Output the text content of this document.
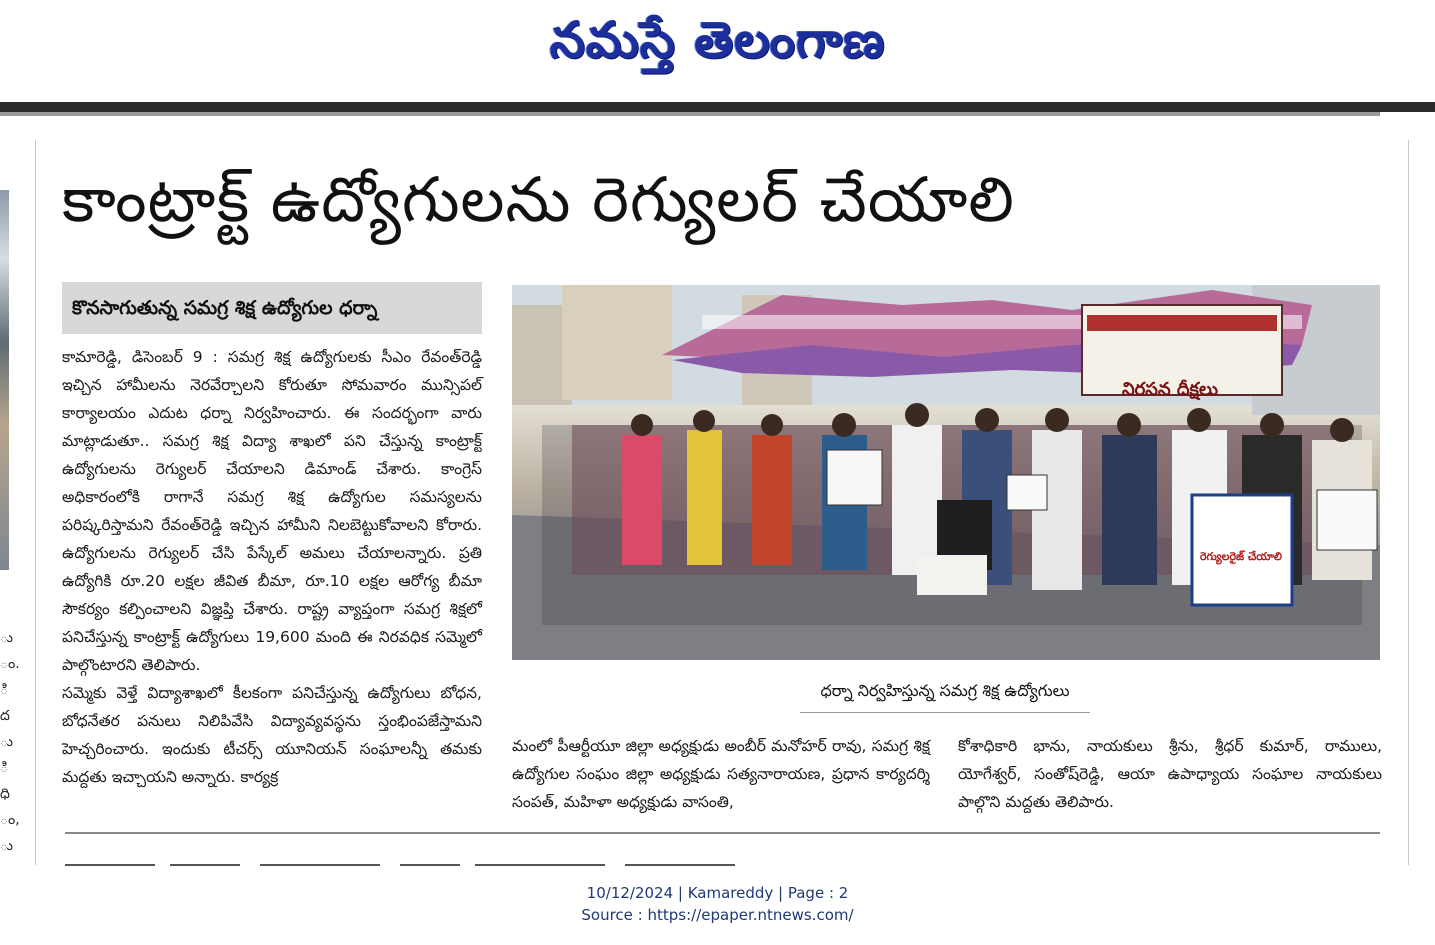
నమస్తే తెలంగాణ
ు
ం.
ి
ద
ు
ి
ధి
ం,
ు
కాంట్రాక్ట్ ఉద్యోగులను రెగ్యులర్ చేయాలి
కొనసాగుతున్న సమగ్ర శిక్ష ఉద్యోగుల ధర్నా

కామారెడ్డి, డిసెంబర్ 9 : సమగ్ర శిక్ష ఉద్యోగులకు సీఎం రేవంత్‌రెడ్డి ఇచ్చిన హామీలను నెరవేర్చాలని కోరుతూ సోమవారం మున్సిపల్ కార్యాలయం ఎదుట ధర్నా నిర్వహించారు. ఈ సందర్భంగా వారు మాట్లాడుతూ.. సమగ్ర శిక్ష విద్యా శాఖలో పని చేస్తున్న కాంట్రాక్ట్ ఉద్యోగులను రెగ్యులర్ చేయాలని డిమాండ్ చేశారు. కాంగ్రెస్ అధికారంలోకి రాగానే సమగ్ర శిక్ష ఉద్యోగుల సమస్యలను పరిష్కరిస్తామని రేవంత్‌రెడ్డి ఇచ్చిన హామీని నిలబెట్టుకోవాలని కోరారు. ఉద్యోగులను రెగ్యులర్ చేసి పేస్కేల్ అమలు చేయాలన్నారు. ప్రతి ఉద్యోగికి రూ.20 లక్షల జీవిత బీమా, రూ.10 లక్షల ఆరోగ్య బీమా సౌకర్యం కల్పించాలని విజ్ఞప్తి చేశారు. రాష్ట్ర వ్యాప్తంగా సమగ్ర శిక్షలో పనిచేస్తున్న కాంట్రాక్ట్ ఉద్యోగులు 19,600 మంది ఈ నిరవధిక సమ్మెలో పాల్గొంటారని తెలిపారు.

సమ్మెకు వెళ్తే విద్యాశాఖలో కీలకంగా పనిచేస్తున్న ఉద్యోగులు బోధన, బోధనేతర పనులు నిలిపివేసి విద్యావ్యవస్థను స్తంభింపజేస్తామని హెచ్చరించారు. ఇందుకు టీచర్స్ యూనియన్ సంఘాలన్నీ తమకు మద్దతు ఇచ్చాయని అన్నారు. కార్యక్ర

నిరసన దీక్షలు
రెగ్యులరైజ్ చేయాలి
ధర్నా నిర్వహిస్తున్న సమగ్ర శిక్ష ఉద్యోగులు

మంలో పీఆర్టీయూ జిల్లా అధ్యక్షుడు అంబీర్ మనోహర్ రావు, సమగ్ర శిక్ష ఉద్యోగుల సంఘం జిల్లా అధ్యక్షుడు సత్యనారాయణ, ప్రధాన కార్యదర్శి సంపత్, మహిళా అధ్యక్షుడు వాసంతి,

కోశాధికారి భాను, నాయకులు శ్రీను, శ్రీధర్ కుమార్, రాములు, యోగేశ్వర్, సంతోష్‌రెడ్డి, ఆయా ఉపాధ్యాయ సంఘాల నాయకులు పాల్గొని మద్దతు తెలిపారు.

10/12/2024 | Kamareddy | Page : 2
Source : https://epaper.ntnews.com/
